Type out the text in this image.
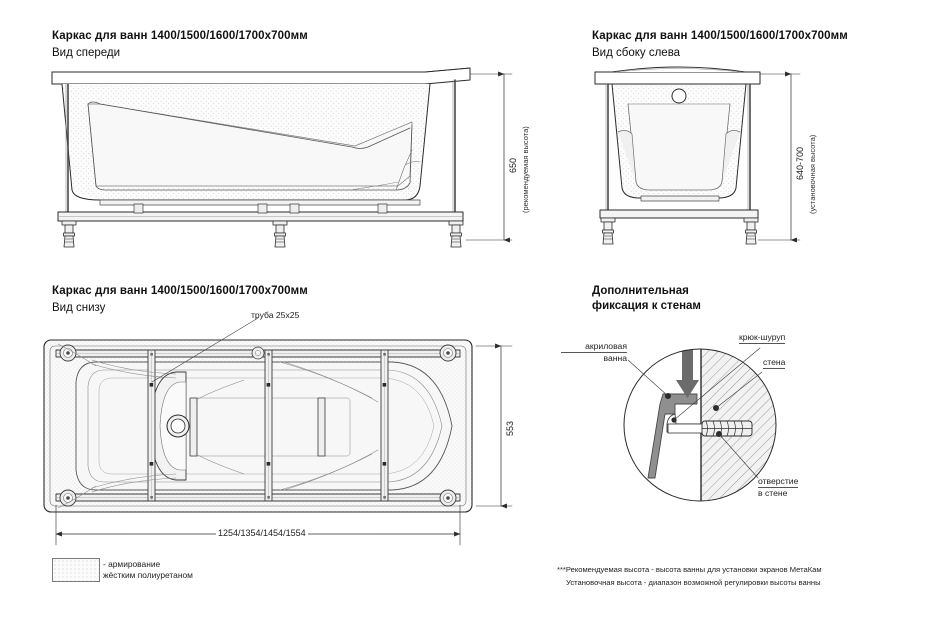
Каркас для ванн 1400/1500/1600/1700х700мм
Вид спереди
Каркас для ванн 1400/1500/1600/1700х700мм
Вид сбоку слева
Каркас для ванн 1400/1500/1600/1700х700мм
Вид снизу
Дополнительная
фиксация к стенам
650 (рекомендуемая высота)	640-700 (установочная высота)
труба 25x25
1254/1354/1454/1554
553
акриловая
ванна
крюк-шуруп
стена
отверстие
в стене
- армирование
жёстким полиуретаном
***Рекомендуемая высота - высота ванны для установки экранов МетаКам
Установочная высота - диапазон возможной регулировки высоты ванны
